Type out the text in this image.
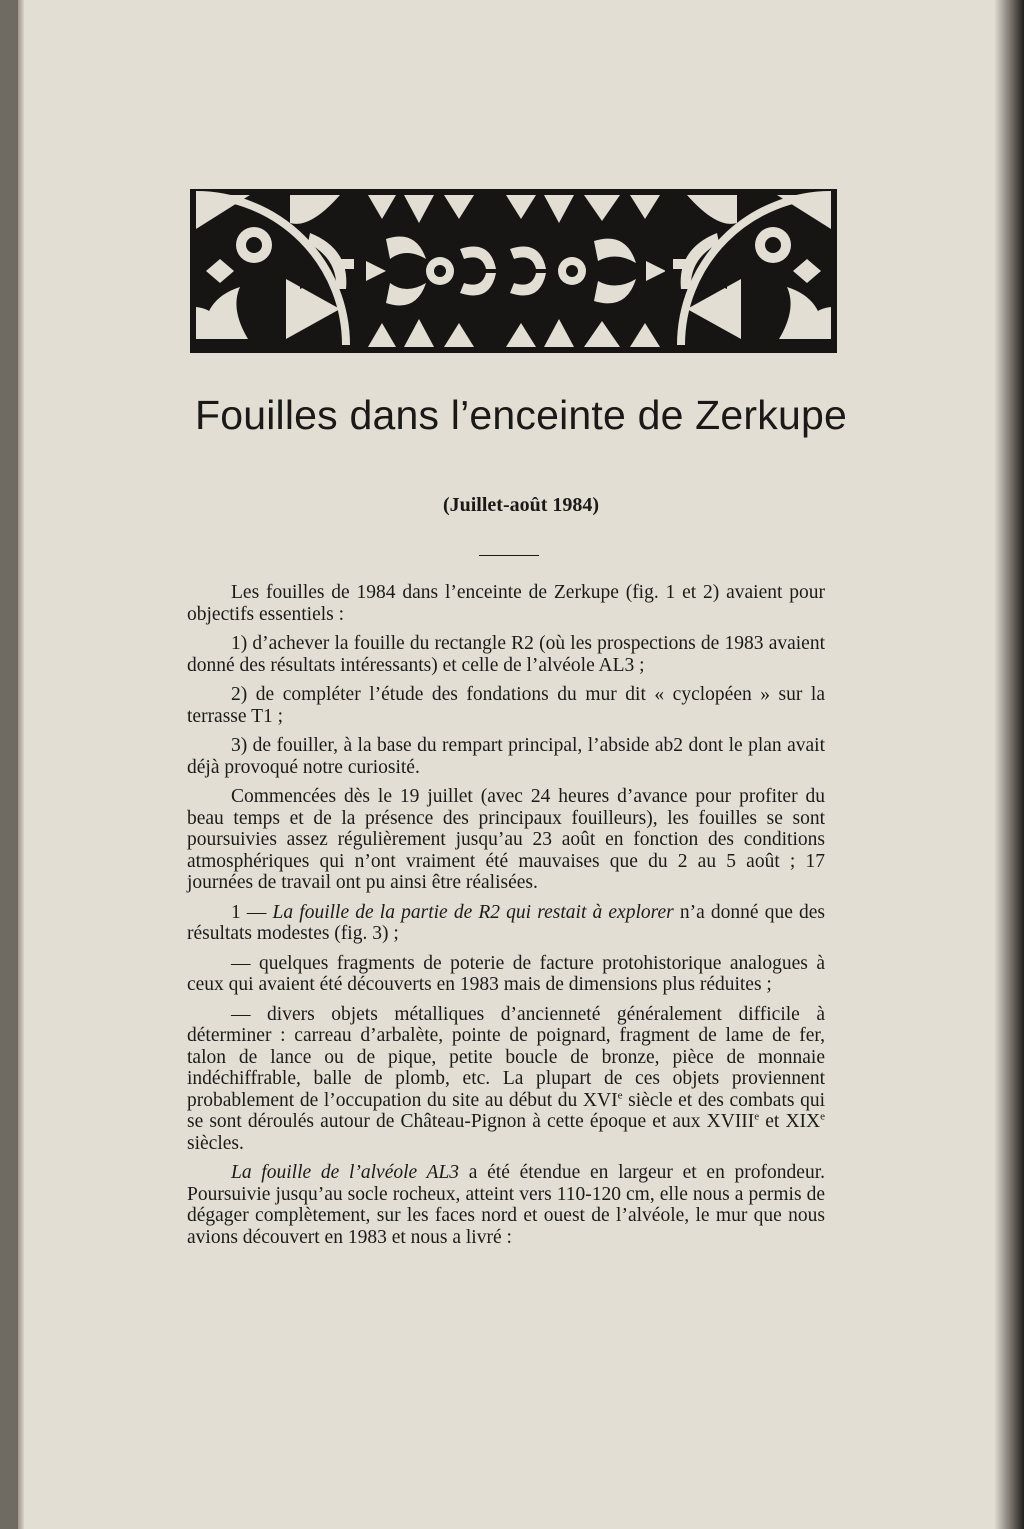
Fouilles dans l’enceinte de Zerkupe
(Juillet-août 1984)

Les fouilles de 1984 dans l’enceinte de Zerkupe (fig. 1 et 2) avaient pour objectifs essentiels :

1) d’achever la fouille du rectangle R2 (où les prospections de 1983 avaient donné des résultats intéressants) et celle de l’alvéole AL3 ;

2) de compléter l’étude des fondations du mur dit « cyclopéen » sur la terrasse T1 ;

3) de fouiller, à la base du rempart principal, l’abside ab2 dont le plan avait déjà provoqué notre curiosité.

Commencées dès le 19 juillet (avec 24 heures d’avance pour profiter du beau temps et de la présence des principaux fouilleurs), les fouilles se sont poursuivies assez régulièrement jusqu’au 23 août en fonction des conditions atmosphériques qui n’ont vraiment été mauvaises que du 2 au 5 août ; 17 journées de travail ont pu ainsi être réalisées.

1 — La fouille de la partie de R2 qui restait à explorer n’a donné que des résultats modestes (fig. 3) ;

— quelques fragments de poterie de facture protohistorique analogues à ceux qui avaient été découverts en 1983 mais de dimensions plus réduites ;

— divers objets métalliques d’ancienneté généralement difficile à déterminer : carreau d’arbalète, pointe de poignard, fragment de lame de fer, talon de lance ou de pique, petite boucle de bronze, pièce de monnaie indéchiffrable, balle de plomb, etc. La plupart de ces objets proviennent probablement de l’occupation du site au début du XVIe siècle et des combats qui se sont déroulés autour de Château-Pignon à cette époque et aux XVIIIe et XIXe siècles.

La fouille de l’alvéole AL3 a été étendue en largeur et en profondeur. Poursuivie jusqu’au socle rocheux, atteint vers 110-120 cm, elle nous a permis de dégager complètement, sur les faces nord et ouest de l’alvéole, le mur que nous avions découvert en 1983 et nous a livré :
